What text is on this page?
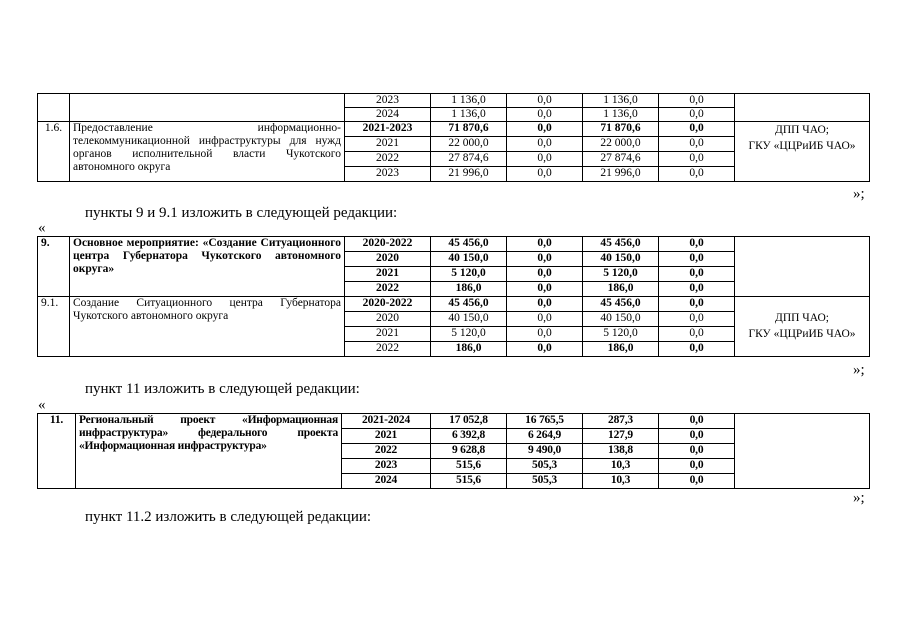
		2023	1 136,0	0,0	1 136,0	0,0	
		2024	1 136,0	0,0	1 136,0	0,0	
1.6.	Предоставление информационно-телекоммуникационной инфраструктуры для нужд органов исполнительной власти Чукотского автономного округа	2021-2023	71 870,6	0,0	71 870,6	0,0	ДПП ЧАО;
ГКУ «ЦЦРиИБ ЧАО»

		2021	22 000,0	0,0	22 000,0	0,0	
		2022	27 874,6	0,0	27 874,6	0,0	
		2023	21 996,0	0,0	21 996,0	0,0	
»;
пункты 9 и 9.1 изложить в следующей редакции:
«
9.	Основное мероприятие: «Создание Ситуационного центра Губернатора Чукотского автономного округа»	2020-2022	45 456,0	0,0	45 456,0	0,0	
		2020	40 150,0	0,0	40 150,0	0,0	
		2021	5 120,0	0,0	5 120,0	0,0	
		2022	186,0	0,0	186,0	0,0	
9.1.	Создание Ситуационного центра Губернатора Чукотского автономного округа	2020-2022	45 456,0	0,0	45 456,0	0,0	ДПП ЧАО;
ГКУ «ЦЦРиИБ ЧАО»

		2020	40 150,0	0,0	40 150,0	0,0	
		2021	5 120,0	0,0	5 120,0	0,0	
		2022	186,0	0,0	186,0	0,0	
»;
пункт 11 изложить в следующей редакции:
«
11.	Региональный проект «Информационная инфраструктура» федерального проекта «Информационная инфраструктура»	2021-2024	17 052,8	16 765,5	287,3	0,0	
		2021	6 392,8	6 264,9	127,9	0,0	
		2022	9 628,8	9 490,0	138,8	0,0	
		2023	515,6	505,3	10,3	0,0	
		2024	515,6	505,3	10,3	0,0	
»;
пункт 11.2 изложить в следующей редакции:
